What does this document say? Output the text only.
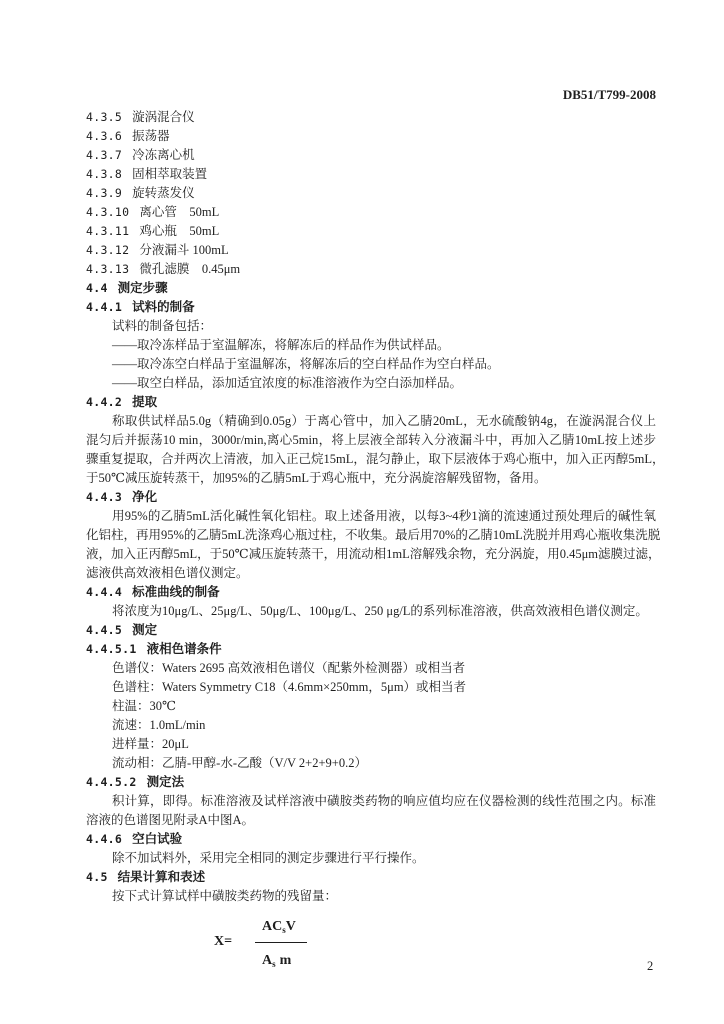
DB51/T799-2008
4.3.5 漩涡混合仪
4.3.6 振荡器
4.3.7 冷冻离心机
4.3.8 固相萃取装置
4.3.9 旋转蒸发仪
4.3.10 离心管　50mL
4.3.11 鸡心瓶　50mL
4.3.12 分液漏斗 100mL
4.3.13 微孔滤膜　0.45μm
4.4 测定步骤
4.4.1 试料的制备
试料的制备包括：
——取冷冻样品于室温解冻，将解冻后的样品作为供试样品。
——取冷冻空白样品于室温解冻，将解冻后的空白样品作为空白样品。
——取空白样品，添加适宜浓度的标准溶液作为空白添加样品。
4.4.2 提取
称取供试样品5.0g（精确到0.05g）于离心管中，加入乙腈20mL，无水硫酸钠4g，在漩涡混合仪上
混匀后并振荡10 min，3000r/min,离心5min，将上层液全部转入分液漏斗中，再加入乙腈10mL按上述步
骤重复提取，合并两次上清液，加入正己烷15mL，混匀静止，取下层液体于鸡心瓶中，加入正丙醇5mL，
于50℃减压旋转蒸干，加95%的乙腈5mL于鸡心瓶中，充分涡旋溶解残留物，备用。
4.4.3 净化
用95%的乙腈5mL活化碱性氧化铝柱。取上述备用液，以每3~4秒1滴的流速通过预处理后的碱性氧
化铝柱，再用95%的乙腈5mL洗涤鸡心瓶过柱，不收集。最后用70%的乙腈10mL洗脱并用鸡心瓶收集洗脱
液，加入正丙醇5mL，于50℃减压旋转蒸干，用流动相1mL溶解残余物，充分涡旋，用0.45μm滤膜过滤，
滤液供高效液相色谱仪测定。
4.4.4 标准曲线的制备
将浓度为10μg/L、25μg/L、50μg/L、100μg/L、250 μg/L的系列标准溶液，供高效液相色谱仪测定。
4.4.5 测定
4.4.5.1 液相色谱条件
色谱仪：Waters 2695 高效液相色谱仪（配紫外检测器）或相当者
色谱柱：Waters Symmetry C18（4.6mm×250mm，5μm）或相当者
柱温：30℃
流速：1.0mL/min
进样量：20μL
流动相：乙腈-甲醇-水-乙酸（V/V 2+2+9+0.2）
4.4.5.2 测定法
积计算，即得。标准溶液及试样溶液中磺胺类药物的响应值均应在仪器检测的线性范围之内。标准
溶液的色谱图见附录A中图A。
4.4.6 空白试验
除不加试料外，采用完全相同的测定步骤进行平行操作。
4.5 结果计算和表述
按下式计算试样中磺胺类药物的残留量：
X=
$AC_sV$
$A_s$ m	2
